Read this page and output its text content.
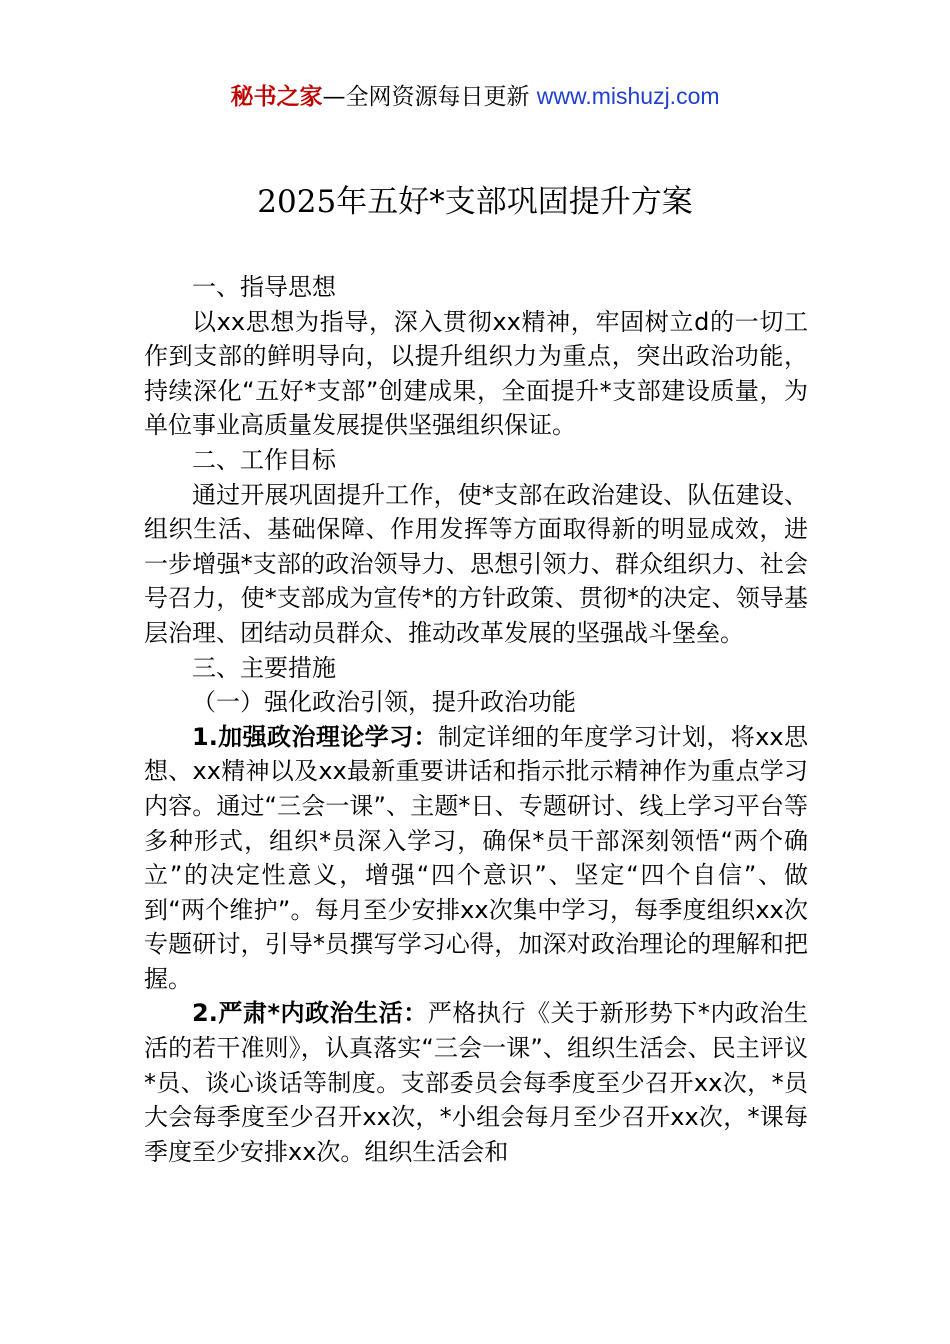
秘书之家—全网资源每日更新 www.mishuzj.com
2025年五好*支部巩固提升方案

一、指导思想

以xx思想为指导，深入贯彻xx精神，牢固树立d的一切工作到支部的鲜明导向，以提升组织力为重点，突出政治功能，持续深化“五好*支部”创建成果，全面提升*支部建设质量，为单位事业高质量发展提供坚强组织保证。

二、工作目标

通过开展巩固提升工作，使*支部在政治建设、队伍建设、组织生活、基础保障、作用发挥等方面取得新的明显成效，进一步增强*支部的政治领导力、思想引领力、群众组织力、社会号召力，使*支部成为宣传*的方针政策、贯彻*的决定、领导基层治理、团结动员群众、推动改革发展的坚强战斗堡垒。

三、主要措施

（一）强化政治引领，提升政治功能

1.加强政治理论学习：制定详细的年度学习计划，将xx思想、xx精神以及xx最新重要讲话和指示批示精神作为重点学习内容。通过“三会一课”、主题*日、专题研讨、线上学习平台等多种形式，组织*员深入学习，确保*员干部深刻领悟“两个确立”的决定性意义，增强“四个意识”、坚定“四个自信”、做到“两个维护”。每月至少安排xx次集中学习，每季度组织xx次专题研讨，引导*员撰写学习心得，加深对政治理论的理解和把握。

2.严肃*内政治生活：严格执行《关于新形势下*内政治生活的若干准则》，认真落实“三会一课”、组织生活会、民主评议*员、谈心谈话等制度。支部委员会每季度至少召开xx次，*员大会每季度至少召开xx次，*小组会每月至少召开xx次，*课每季度至少安排xx次。组织生活会和
